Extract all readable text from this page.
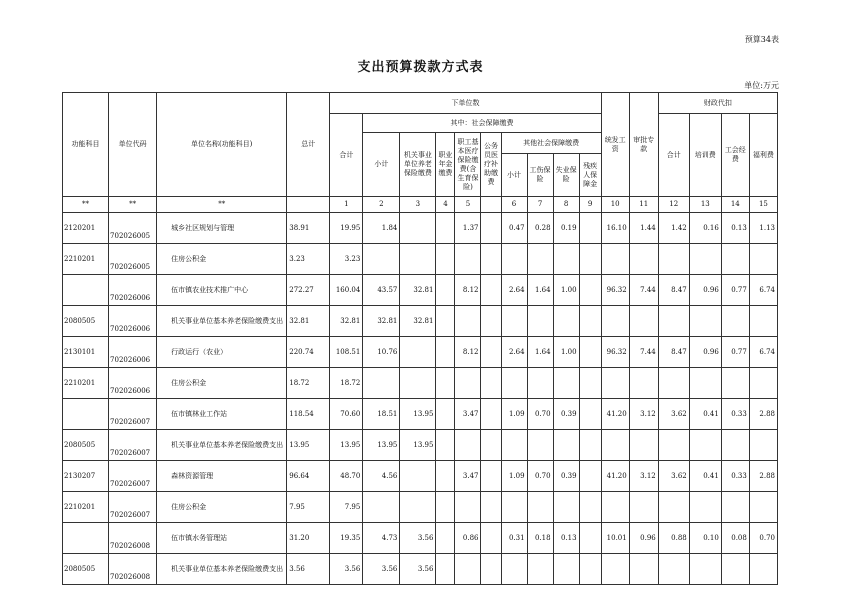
预算34表
支出预算拨款方式表
单位:万元
功能科目	单位代码	单位名称(功能科目)	总计	下单位数										统发工资	审批专款	财政代扣			
				合计	其中：社会保障缴费											合计	培训费	工会经费	福利费
					小计	机关事业单位养老保险缴费	职业年金缴费	职工基本医疗保险缴费(含生育保险)	公务员医疗补助缴费	其他社会保障缴费									
										小计	工伤保险	失业保险	残疾人保障金						
**	**	**		1	2	3	4	5		6	7	8	9	10	11	12	13	14	15
2120201	702026005	城乡社区规划与管理	38.91	19.95	1.84			1.37		0.47	0.28	0.19		16.10	1.44	1.42	0.16	0.13	1.13
2210201	702026005	住房公积金	3.23	3.23															
	702026006	伍市镇农业技术推广中心	272.27	160.04	43.57	32.81		8.12		2.64	1.64	1.00		96.32	7.44	8.47	0.96	0.77	6.74
2080505	702026006	机关事业单位基本养老保险缴费支出	32.81	32.81	32.81	32.81													
2130101	702026006	行政运行（农业）	220.74	108.51	10.76			8.12		2.64	1.64	1.00		96.32	7.44	8.47	0.96	0.77	6.74
2210201	702026006	住房公积金	18.72	18.72															
	702026007	伍市镇林业工作站	118.54	70.60	18.51	13.95		3.47		1.09	0.70	0.39		41.20	3.12	3.62	0.41	0.33	2.88
2080505	702026007	机关事业单位基本养老保险缴费支出	13.95	13.95	13.95	13.95													
2130207	702026007	森林资源管理	96.64	48.70	4.56			3.47		1.09	0.70	0.39		41.20	3.12	3.62	0.41	0.33	2.88
2210201	702026007	住房公积金	7.95	7.95															
	702026008	伍市镇水务管理站	31.20	19.35	4.73	3.56		0.86		0.31	0.18	0.13		10.01	0.96	0.88	0.10	0.08	0.70
2080505	702026008	机关事业单位基本养老保险缴费支出	3.56	3.56	3.56	3.56													
